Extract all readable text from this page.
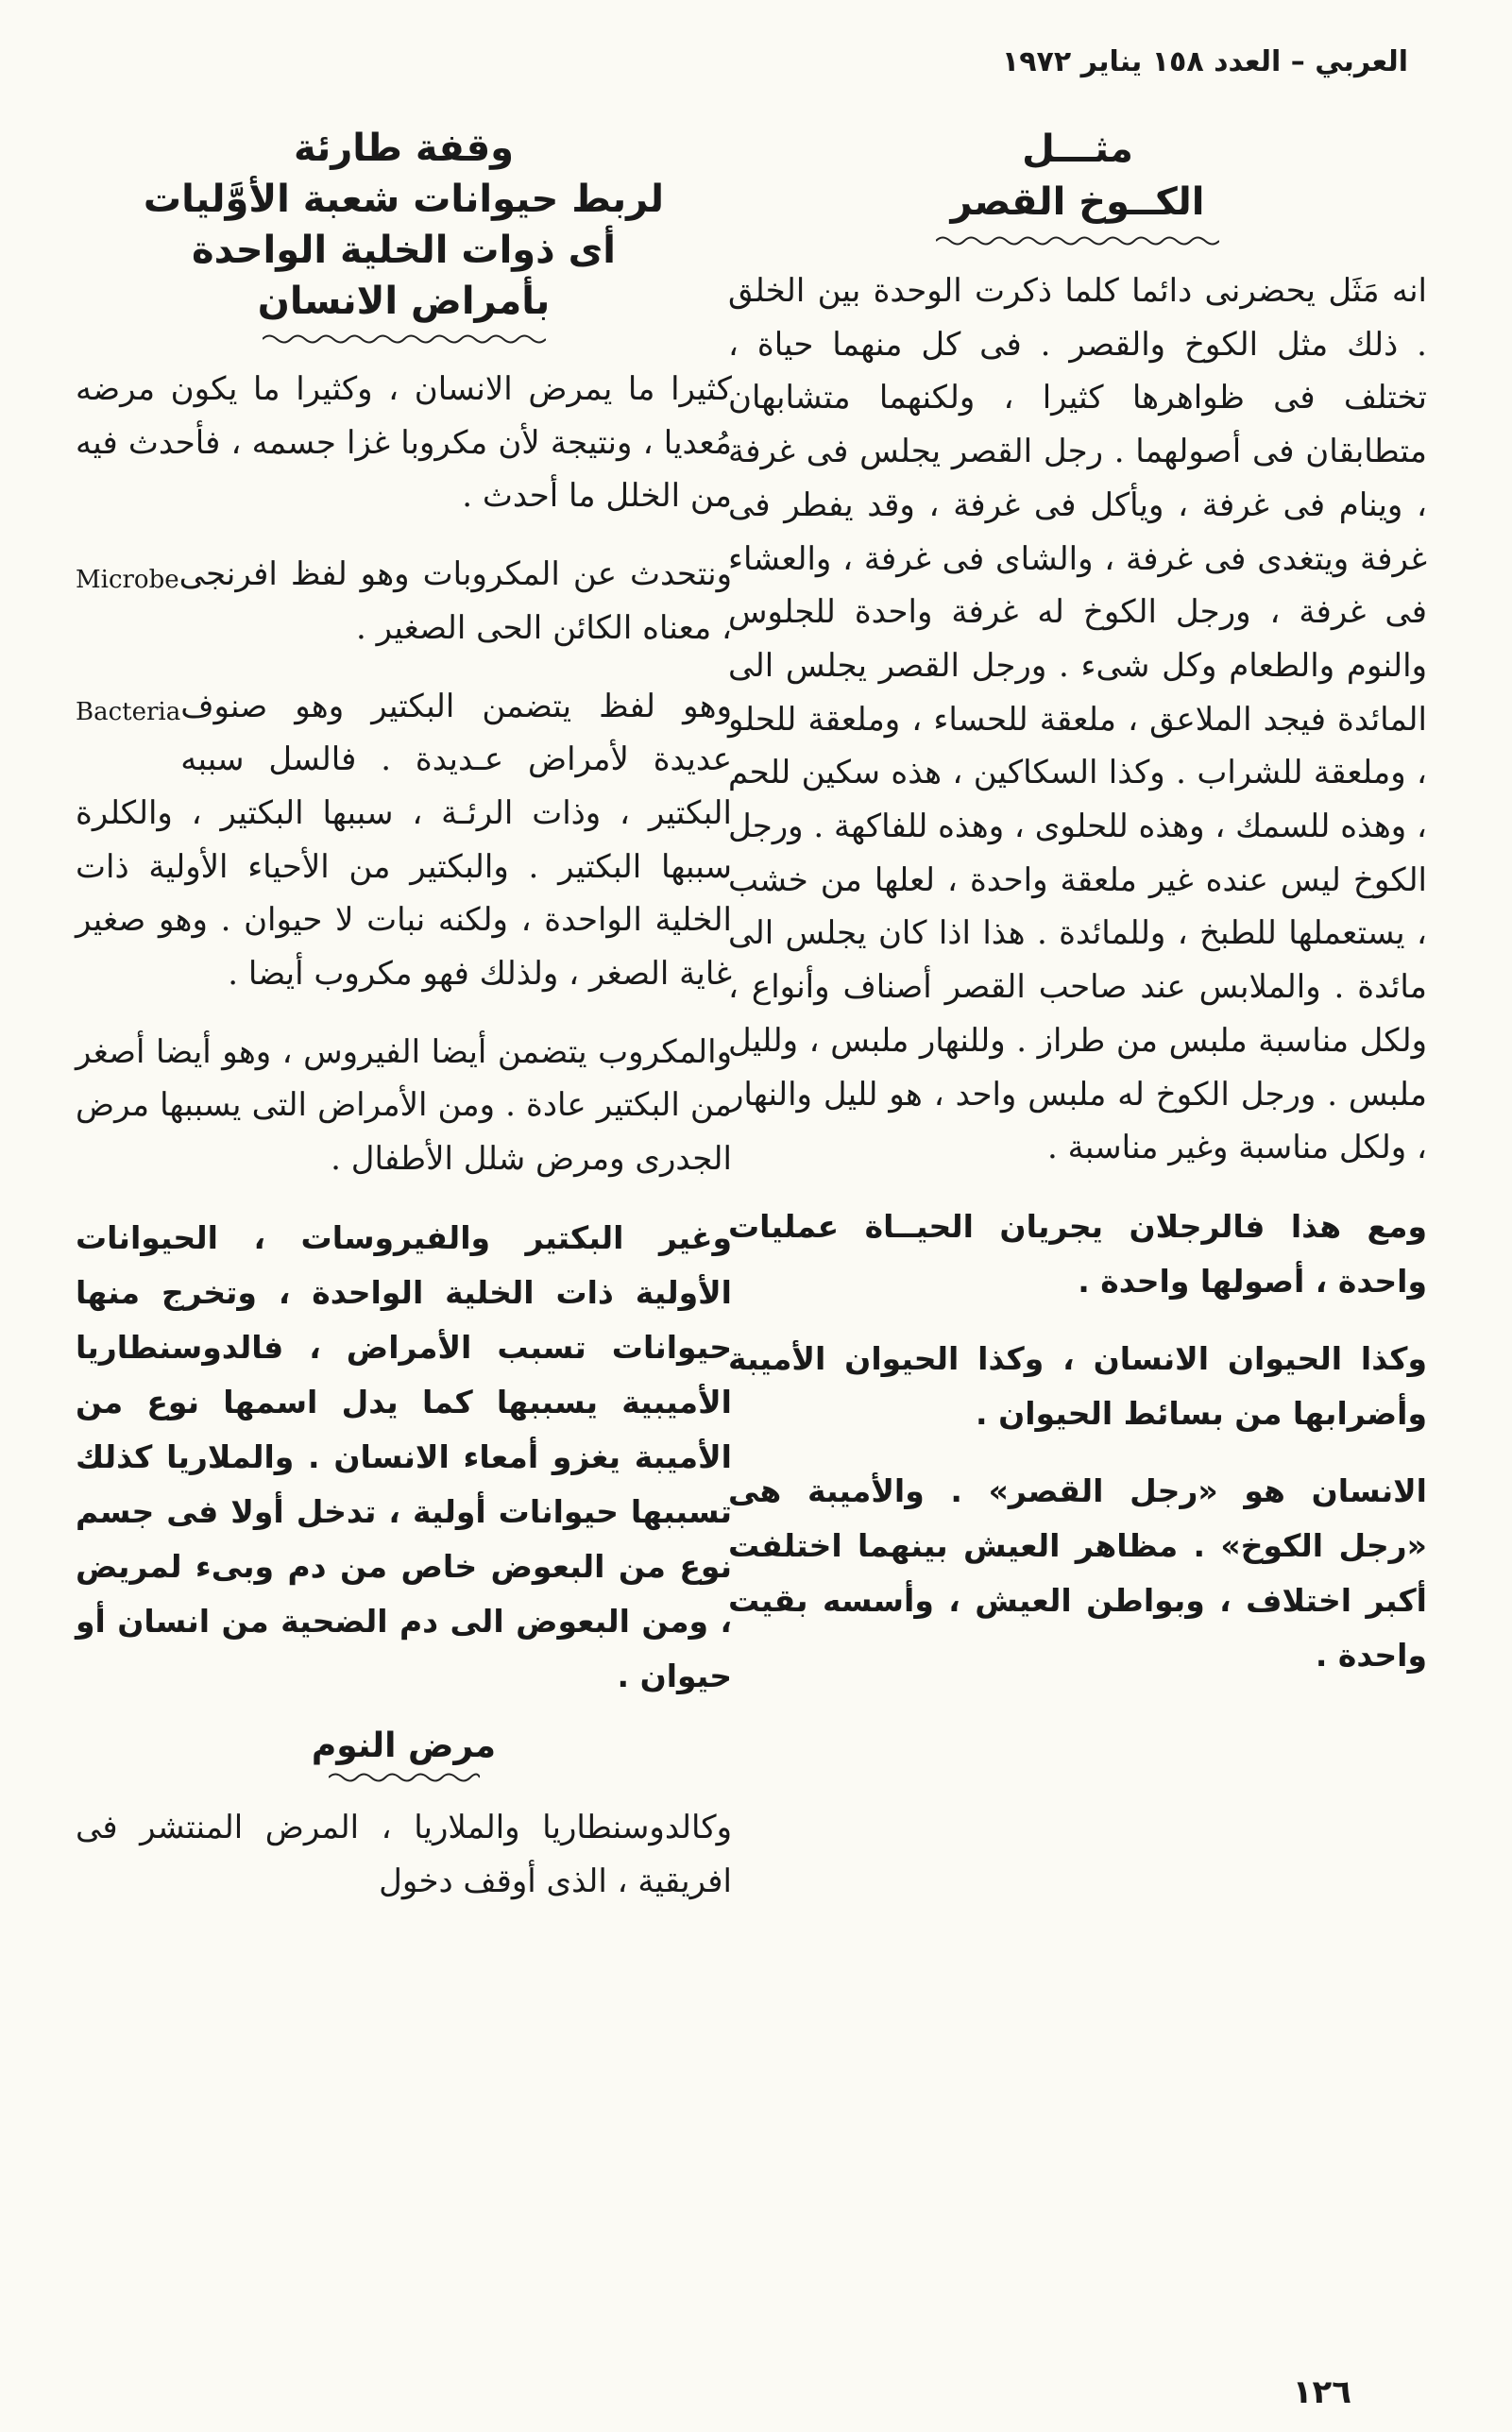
العربي – العدد ١٥٨ يناير ١٩٧٢
مثـــل
الكــوخ القصر

انه مَثَل يحضرنى دائما كلما ذكرت الوحدة بين الخلق . ذلك مثل الكوخ والقصر . فى كل منهما حياة ، تختلف فى ظواهرها كثيرا ، ولكنهما متشابهان متطابقان فى أصولهما . رجل القصر يجلس فى غرفة ، وينام فى غرفة ، ويأكل فى غرفة ، وقد يفطر فى غرفة ويتغدى فى غرفة ، والشاى فى غرفة ، والعشاء فى غرفة ، ورجل الكوخ له غرفة واحدة للجلوس والنوم والطعام وكل شىء . ورجل القصر يجلس الى المائدة فيجد الملاعق ، ملعقة للحساء ، وملعقة للحلو ، وملعقة للشراب . وكذا السكاكين ، هذه سكين للحم ، وهذه للسمك ، وهذه للحلوى ، وهذه للفاكهة . ورجل الكوخ ليس عنده غير ملعقة واحدة ، لعلها من خشب ، يستعملها للطبخ ، وللمائدة . هذا اذا كان يجلس الى مائدة . والملابس عند صاحب القصر أصناف وأنواع ، ولكل مناسبة ملبس من طراز . وللنهار ملبس ، ولليل ملبس . ورجل الكوخ له ملبس واحد ، هو لليل والنهار ، ولكل مناسبة وغير مناسبة .

ومع هذا فالرجلان يجريان الحيــاة عمليات واحدة ، أصولها واحدة .

وكذا الحيوان الانسان ، وكذا الحيوان الأميبة وأضرابها من بسائط الحيوان .

الانسان هو «رجل القصر» . والأميبة هى «رجل الكوخ» . مظاهر العيش بينهما اختلفت أكبر اختلاف ، وبواطن العيش ، وأسسه بقيت واحدة .

وقفة طارئة
لربط حيوانات شعبة الأوَّليات
أى ذوات الخلية الواحدة
بأمراض الانسان

كثيرا ما يمرض الانسان ، وكثيرا ما يكون مرضه مُعديا ، ونتيجة لأن مكروبا غزا جسمه ، فأحدث فيه من الخلل ما أحدث .

Microbe ونتحدث عن المكروبات وهو لفظ افرنجى ، معناه الكائن الحى الصغير .

Bacteria وهو لفظ يتضمن البكتير وهو صنوف عديدة لأمراض عـديدة . فالسل سببه البكتير ، وذات الرئـة ، سببها البكتير ، والكلرة سببها البكتير . والبكتير من الأحياء الأولية ذات الخلية الواحدة ، ولكنه نبات لا حيوان . وهو صغير غاية الصغر ، ولذلك فهو مكروب أيضا .

والمكروب يتضمن أيضا الفيروس ، وهو أيضا أصغر من البكتير عادة . ومن الأمراض التى يسببها مرض الجدرى ومرض شلل الأطفال .

وغير البكتير والفيروسات ، الحيوانات الأولية ذات الخلية الواحدة ، وتخرج منها حيوانات تسبب الأمراض ، فالدوسنطاريا الأميبية يسببها كما يدل اسمها نوع من الأميبة يغزو أمعاء الانسان . والملاريا كذلك تسببها حيوانات أولية ، تدخل أولا فى جسم نوع من البعوض خاص من دم وبىء لمريض ، ومن البعوض الى دم الضحية من انسان أو حيوان .

مرض النوم

وكالدوسنطاريا والملاريا ، المرض المنتشر فى افريقية ، الذى أوقف دخول

١٢٦
